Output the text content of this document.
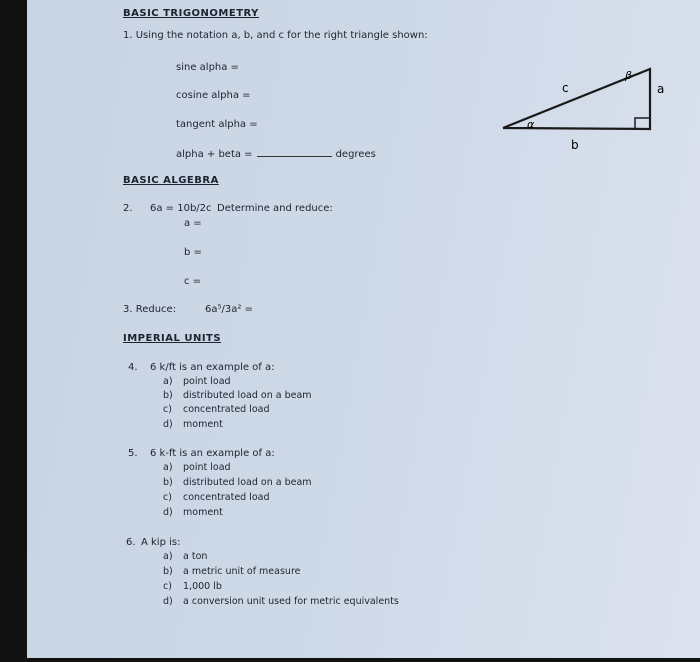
BASIC TRIGONOMETRY
1. Using the notation a, b, and c for the right triangle shown:
sine alpha =
cosine alpha =
tangent alpha =
alpha + beta =	degrees
c
β
a
α
b
BASIC ALGEBRA
2. 6a = 10b/2c Determine and reduce:
a =
b =
c =
3. Reduce:	6a⁵/3a² =
IMPERIAL UNITS
4. 6 k/ft is an example of a:
a) point load
b) distributed load on a beam
c) concentrated load
d) moment
5. 6 k-ft is an example of a:
a) point load
b) distributed load on a beam
c) concentrated load
d) moment
6. A kip is:
a) a ton
b) a metric unit of measure
c) 1,000 lb
d) a conversion unit used for metric equivalents
